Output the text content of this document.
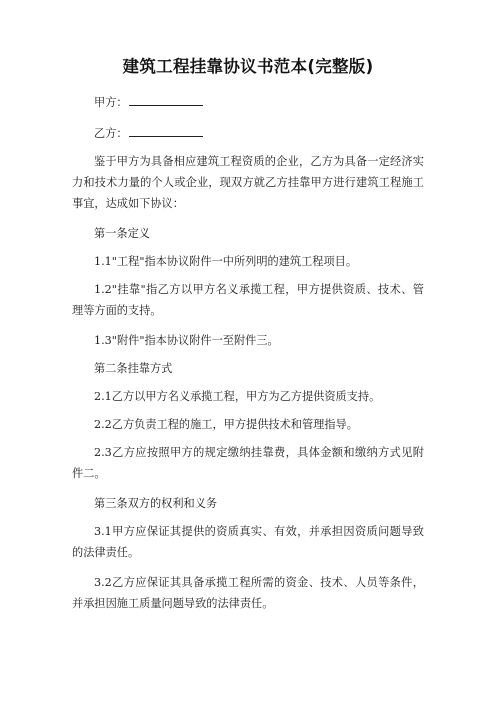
建筑工程挂靠协议书范本(完整版)
甲方：
乙方：
鉴于甲方为具备相应建筑工程资质的企业，乙方为具备一定经济实力和技术力量的个人或企业，现双方就乙方挂靠甲方进行建筑工程施工事宜，达成如下协议：
第一条定义
1.1"工程"指本协议附件一中所列明的建筑工程项目。
1.2"挂靠"指乙方以甲方名义承揽工程，甲方提供资质、技术、管理等方面的支持。
1.3"附件"指本协议附件一至附件三。
第二条挂靠方式
2.1乙方以甲方名义承揽工程，甲方为乙方提供资质支持。
2.2乙方负责工程的施工，甲方提供技术和管理指导。
2.3乙方应按照甲方的规定缴纳挂靠费，具体金额和缴纳方式见附件二。
第三条双方的权利和义务
3.1甲方应保证其提供的资质真实、有效，并承担因资质问题导致的法律责任。
3.2乙方应保证其具备承揽工程所需的资金、技术、人员等条件，并承担因施工质量问题导致的法律责任。
